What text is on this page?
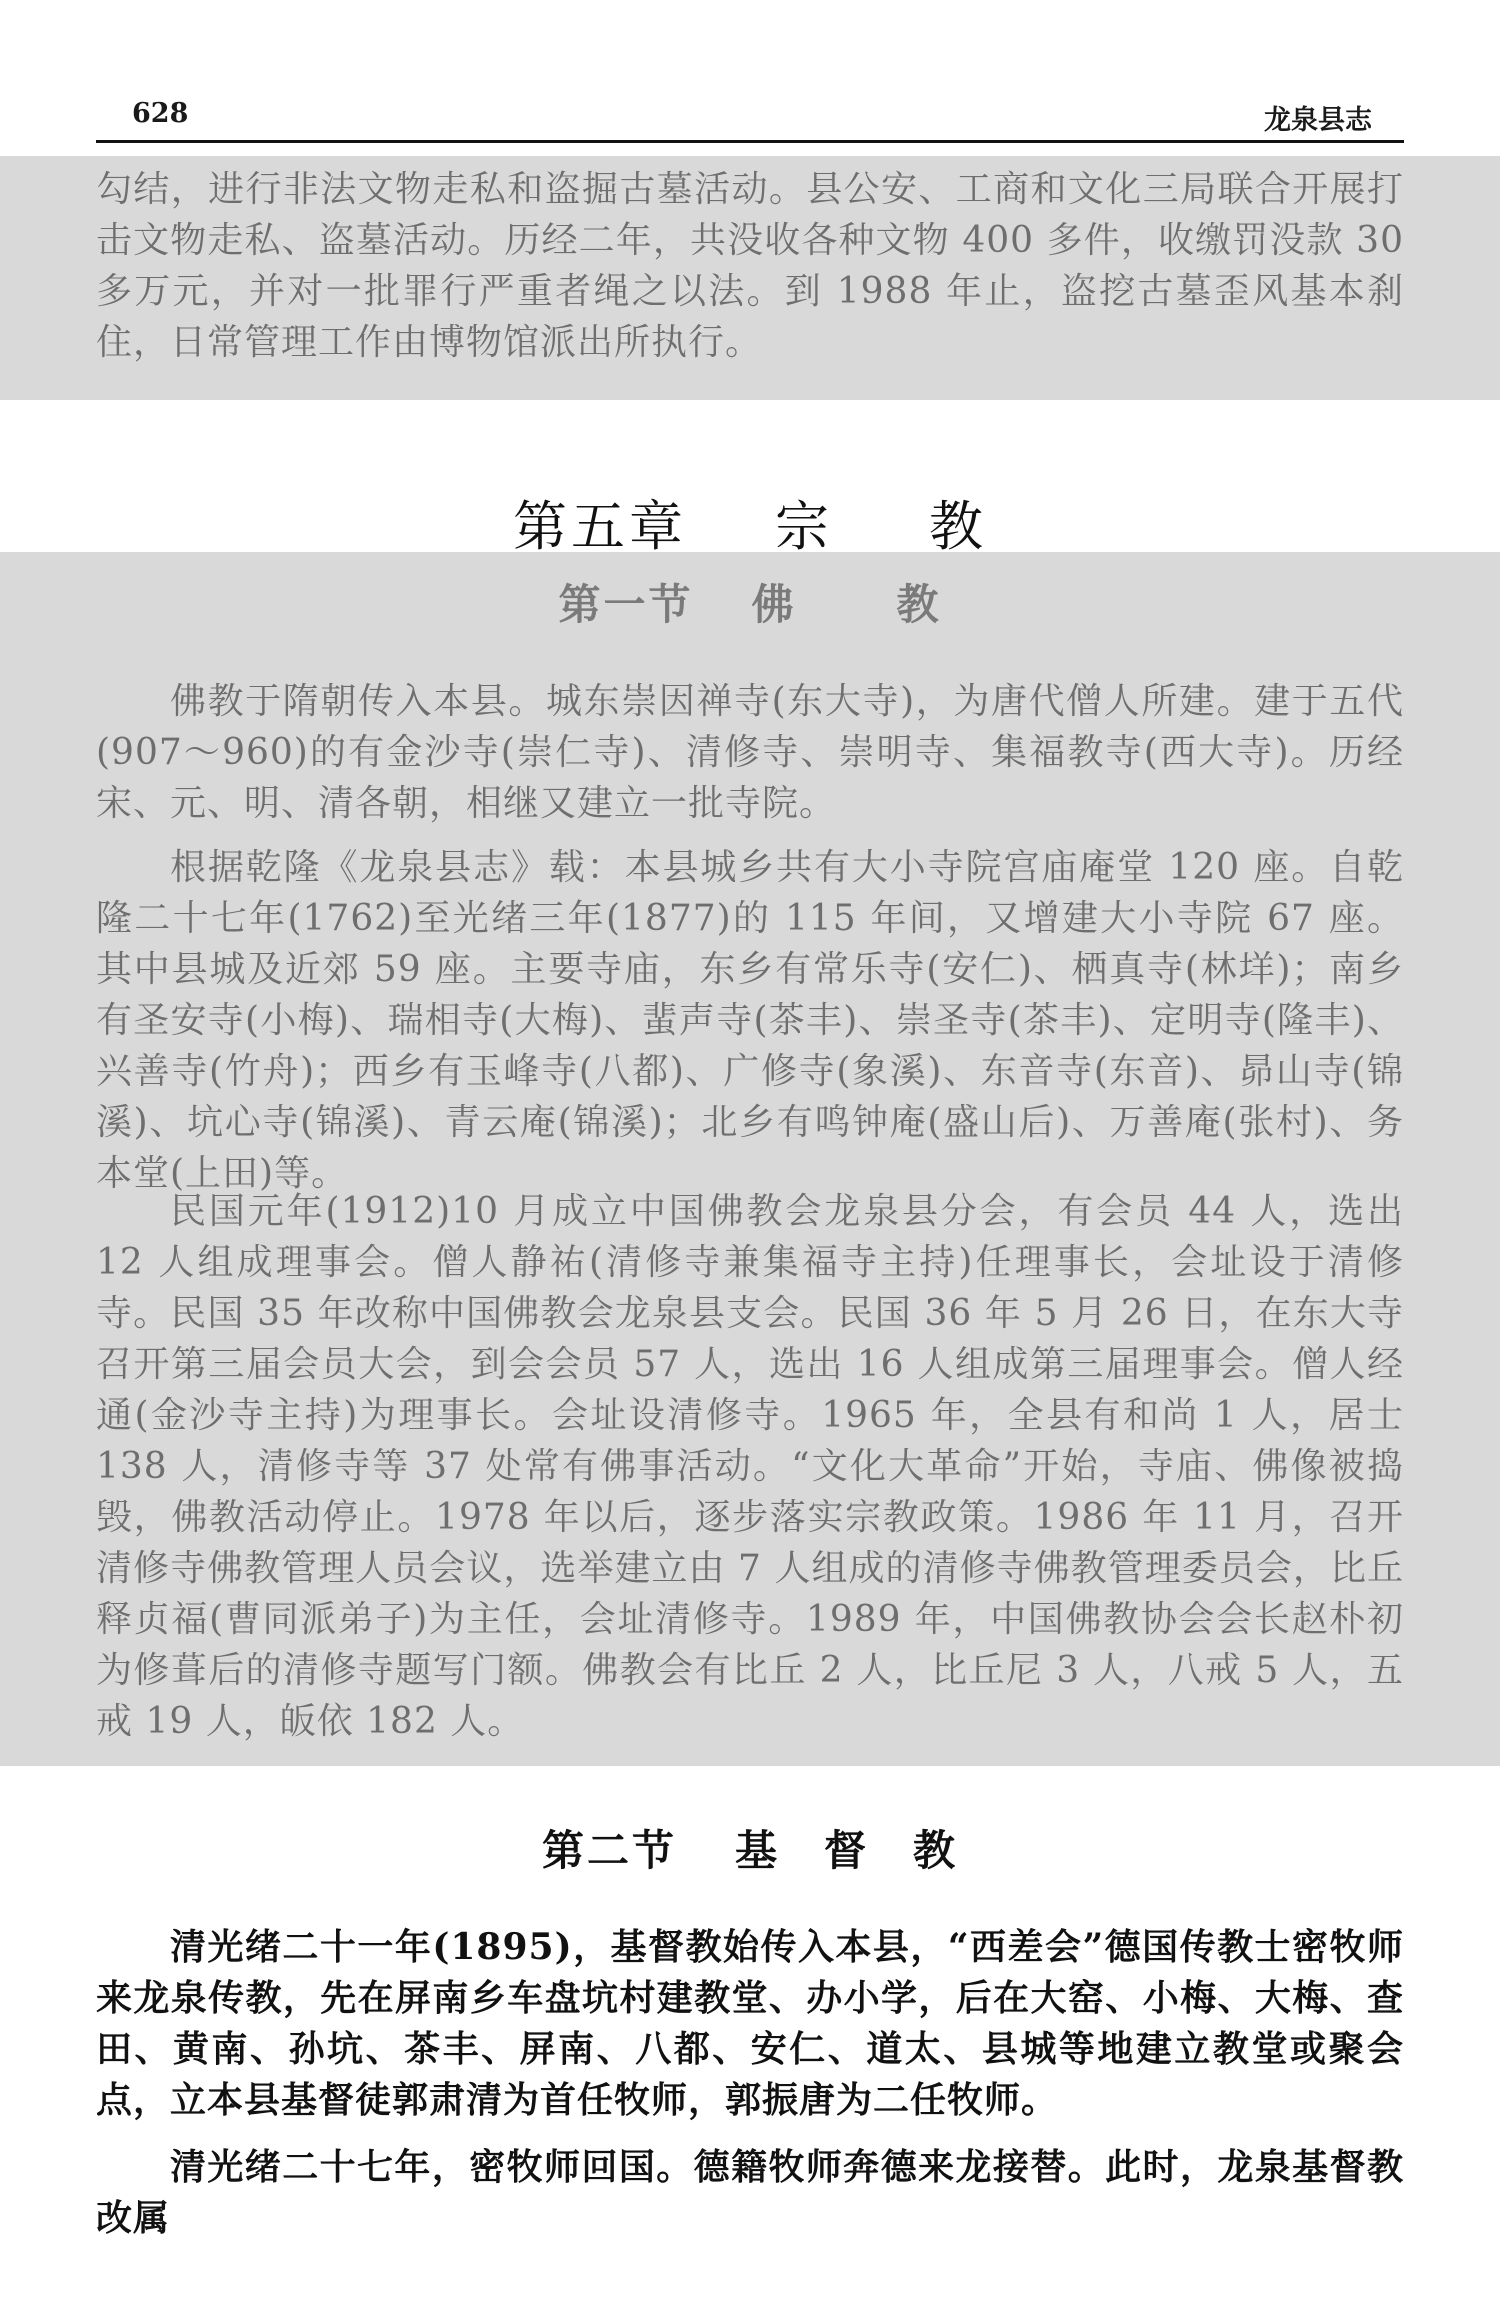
628	龙泉县志

勾结，进行非法文物走私和盗掘古墓活动。县公安、工商和文化三局联合开展打击文物走私、盗墓活动。历经二年，共没收各种文物 400 多件，收缴罚没款 30 多万元，并对一批罪行严重者绳之以法。到 1988 年止，盗挖古墓歪风基本刹住，日常管理工作由博物馆派出所执行。

第五章 宗 教
第一节 佛 教

佛教于隋朝传入本县。城东崇因禅寺(东大寺)，为唐代僧人所建。建于五代(907～960)的有金沙寺(崇仁寺)、清修寺、崇明寺、集福教寺(西大寺)。历经宋、元、明、清各朝，相继又建立一批寺院。

根据乾隆《龙泉县志》载：本县城乡共有大小寺院宫庙庵堂 120 座。自乾隆二十七年(1762)至光绪三年(1877)的 115 年间，又增建大小寺院 67 座。其中县城及近郊 59 座。主要寺庙，东乡有常乐寺(安仁)、栖真寺(林垟)；南乡有圣安寺(小梅)、瑞相寺(大梅)、蜚声寺(茶丰)、崇圣寺(茶丰)、定明寺(隆丰)、兴善寺(竹舟)；西乡有玉峰寺(八都)、广修寺(象溪)、东音寺(东音)、昴山寺(锦溪)、坑心寺(锦溪)、青云庵(锦溪)；北乡有鸣钟庵(盛山后)、万善庵(张村)、务本堂(上田)等。

民国元年(1912)10 月成立中国佛教会龙泉县分会，有会员 44 人，选出 12 人组成理事会。僧人静祐(清修寺兼集福寺主持)任理事长，会址设于清修寺。民国 35 年改称中国佛教会龙泉县支会。民国 36 年 5 月 26 日，在东大寺召开第三届会员大会，到会会员 57 人，选出 16 人组成第三届理事会。僧人经通(金沙寺主持)为理事长。会址设清修寺。1965 年，全县有和尚 1 人，居士 138 人，清修寺等 37 处常有佛事活动。“文化大革命”开始，寺庙、佛像被捣毁，佛教活动停止。1978 年以后，逐步落实宗教政策。1986 年 11 月，召开清修寺佛教管理人员会议，选举建立由 7 人组成的清修寺佛教管理委员会，比丘释贞福(曹同派弟子)为主任，会址清修寺。1989 年，中国佛教协会会长赵朴初为修葺后的清修寺题写门额。佛教会有比丘 2 人，比丘尼 3 人，八戒 5 人，五戒 19 人，皈依 182 人。

第二节 基 督 教

清光绪二十一年(1895)，基督教始传入本县，“西差会”德国传教士密牧师来龙泉传教，先在屏南乡车盘坑村建教堂、办小学，后在大窑、小梅、大梅、查田、黄南、孙坑、茶丰、屏南、八都、安仁、道太、县城等地建立教堂或聚会点，立本县基督徒郭肃清为首任牧师，郭振唐为二任牧师。

清光绪二十七年，密牧师回国。德籍牧师奔德来龙接替。此时，龙泉基督教改属
